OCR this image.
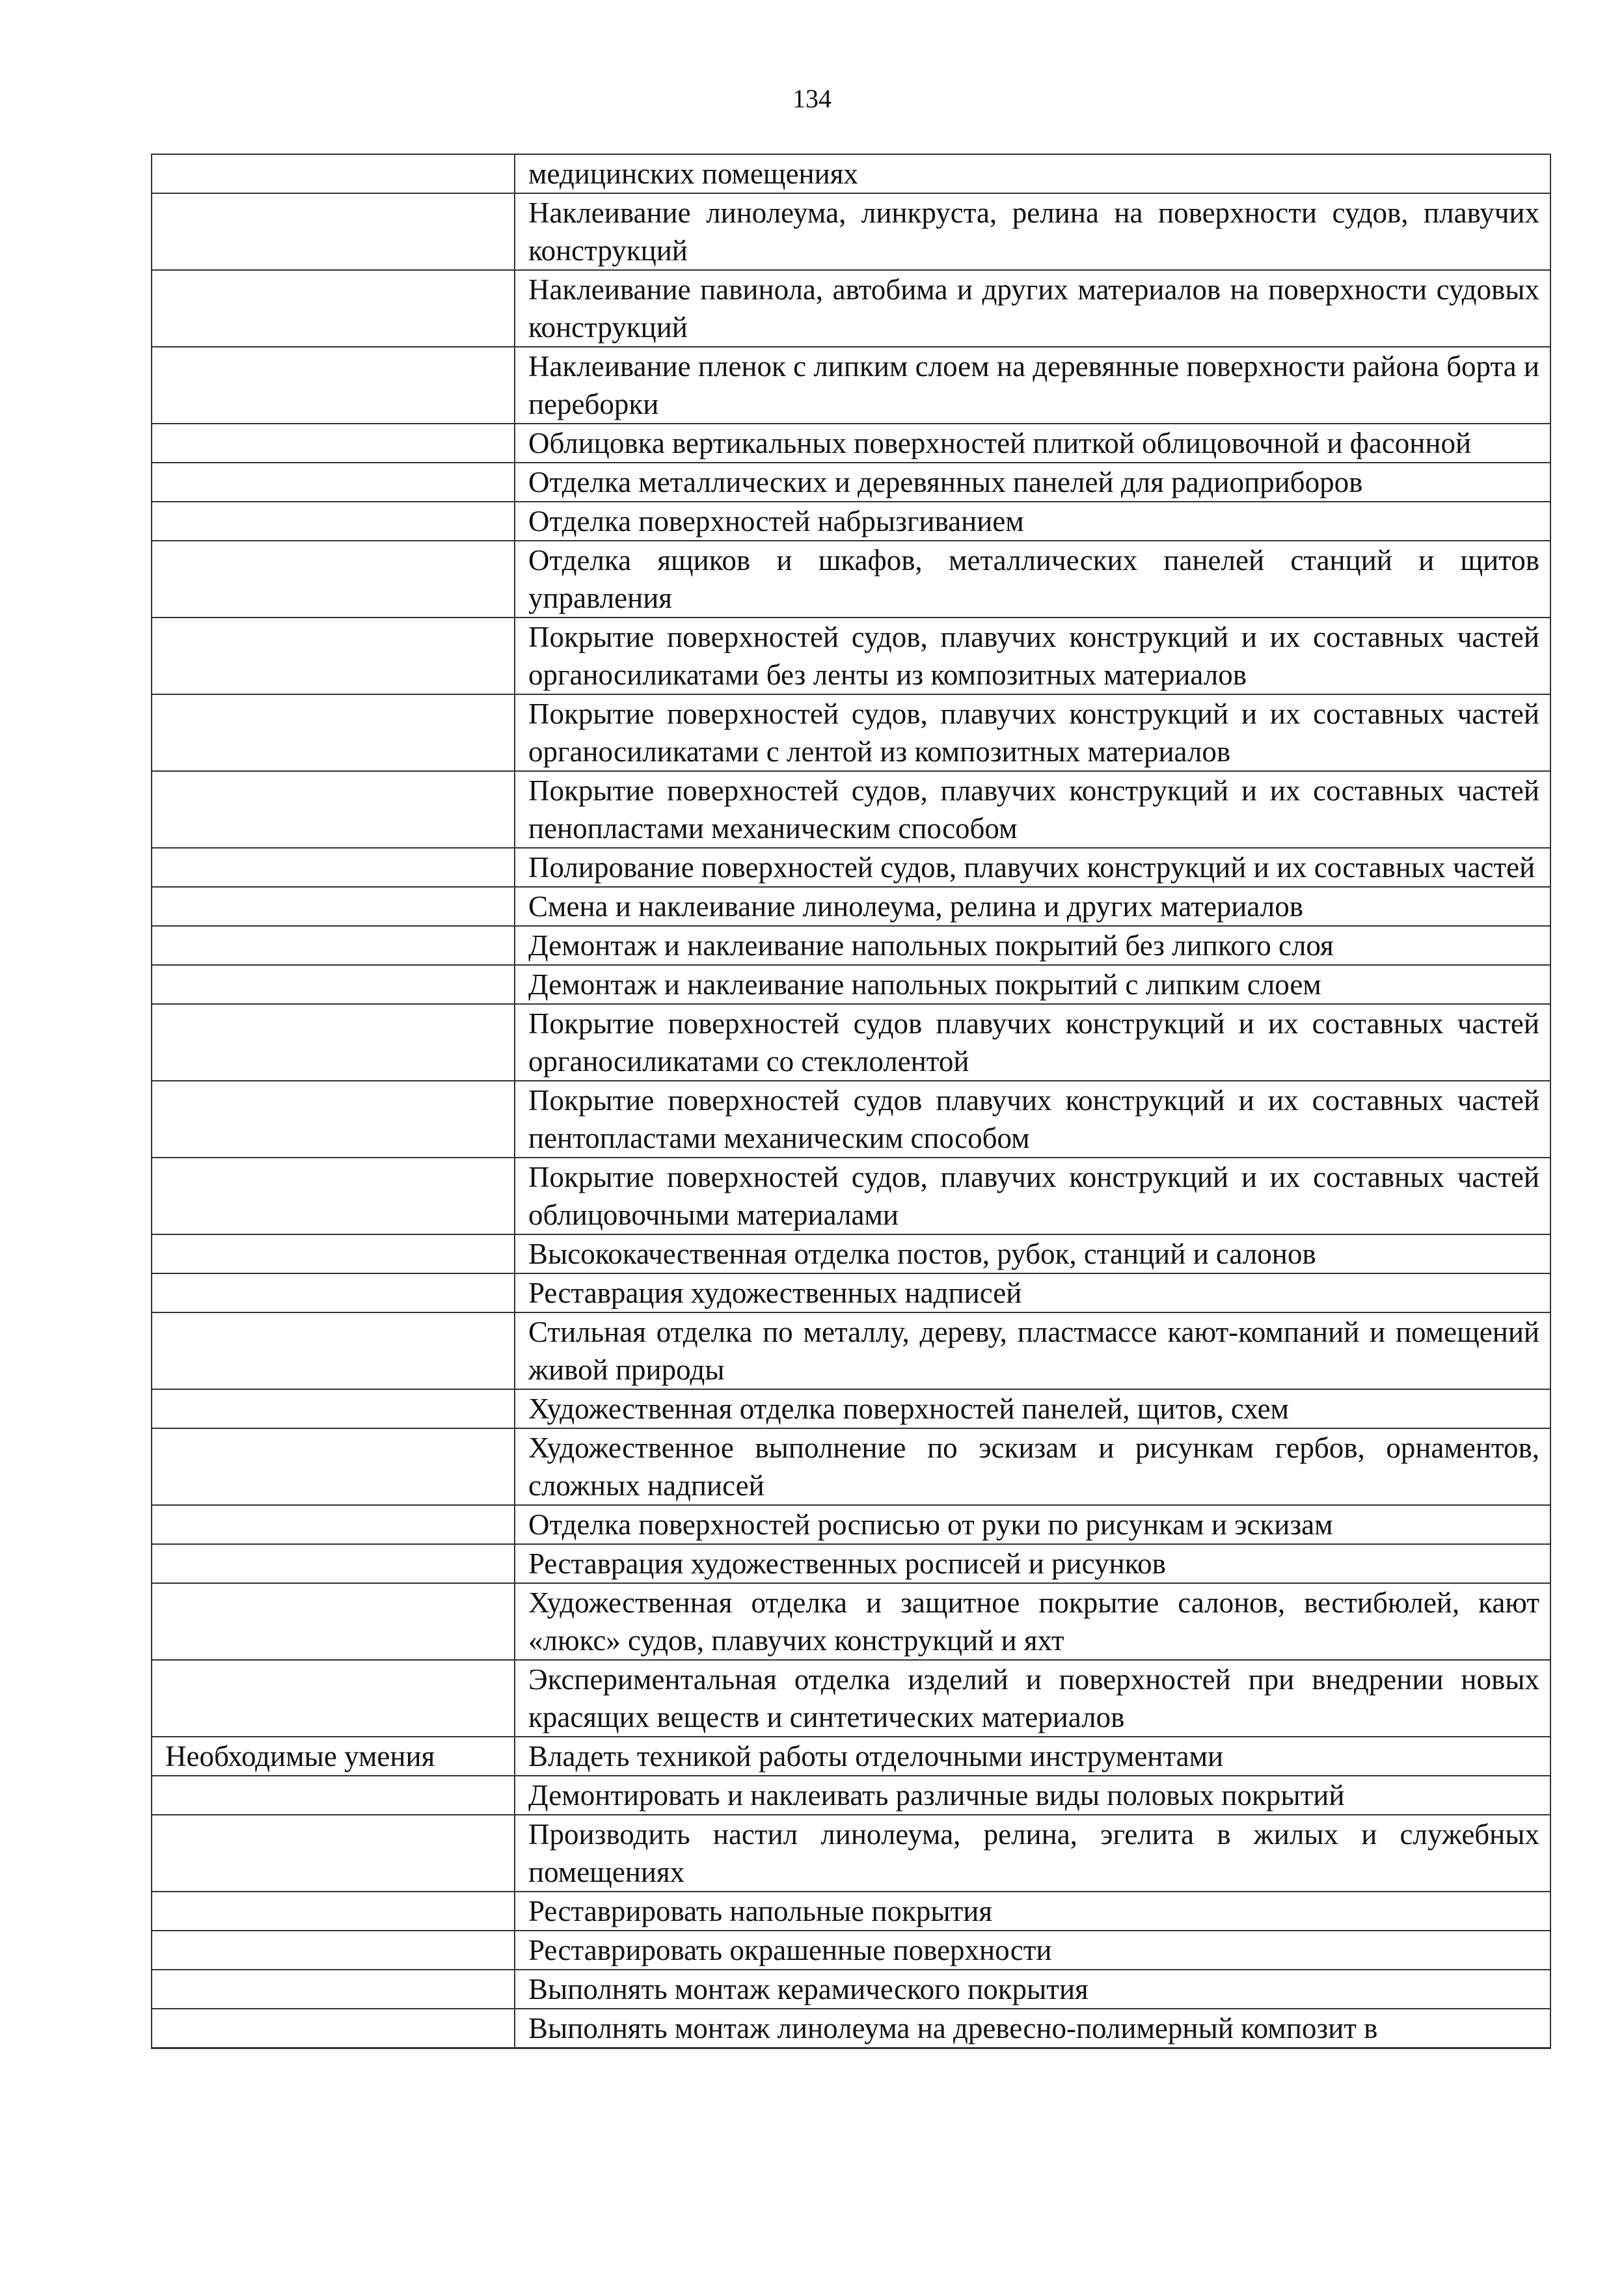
134
	медицинских помещениях
	Наклеивание линолеума, линкруста, релина на поверхности судов, плавучих конструкций
	Наклеивание павинола, автобима и других материалов на поверхности судовых конструкций
	Наклеивание пленок с липким слоем на деревянные поверхности района борта и переборки
	Облицовка вертикальных поверхностей плиткой облицовочной и фасонной
	Отделка металлических и деревянных панелей для радиоприборов
	Отделка поверхностей набрызгиванием
	Отделка ящиков и шкафов, металлических панелей станций и щитов управления
	Покрытие поверхностей судов, плавучих конструкций и их составных частей органосиликатами без ленты из композитных материалов
	Покрытие поверхностей судов, плавучих конструкций и их составных частей органосиликатами с лентой из композитных материалов
	Покрытие поверхностей судов, плавучих конструкций и их составных частей пенопластами механическим способом
	Полирование поверхностей судов, плавучих конструкций и их составных частей
	Смена и наклеивание линолеума, релина и других материалов
	Демонтаж и наклеивание напольных покрытий без липкого слоя
	Демонтаж и наклеивание напольных покрытий с липким слоем
	Покрытие поверхностей судов плавучих конструкций и их составных частей органосиликатами со стеклолентой
	Покрытие поверхностей судов плавучих конструкций и их составных частей пентопластами механическим способом
	Покрытие поверхностей судов, плавучих конструкций и их составных частей облицовочными материалами
	Высококачественная отделка постов, рубок, станций и салонов
	Реставрация художественных надписей
	Стильная отделка по металлу, дереву, пластмассе кают-компаний и помещений живой природы
	Художественная отделка поверхностей панелей, щитов, схем
	Художественное выполнение по эскизам и рисункам гербов, орнаментов, сложных надписей
	Отделка поверхностей росписью от руки по рисункам и эскизам
	Реставрация художественных росписей и рисунков
	Художественная отделка и защитное покрытие салонов, вестибюлей, кают «люкс» судов, плавучих конструкций и яхт
	Экспериментальная отделка изделий и поверхностей при внедрении новых красящих веществ и синтетических материалов
Необходимые умения	Владеть техникой работы отделочными инструментами
	Демонтировать и наклеивать различные виды половых покрытий
	Производить настил линолеума, релина, эгелита в жилых и служебных помещениях
	Реставрировать напольные покрытия
	Реставрировать окрашенные поверхности
	Выполнять монтаж керамического покрытия
	Выполнять монтаж линолеума на древесно-полимерный композит в
